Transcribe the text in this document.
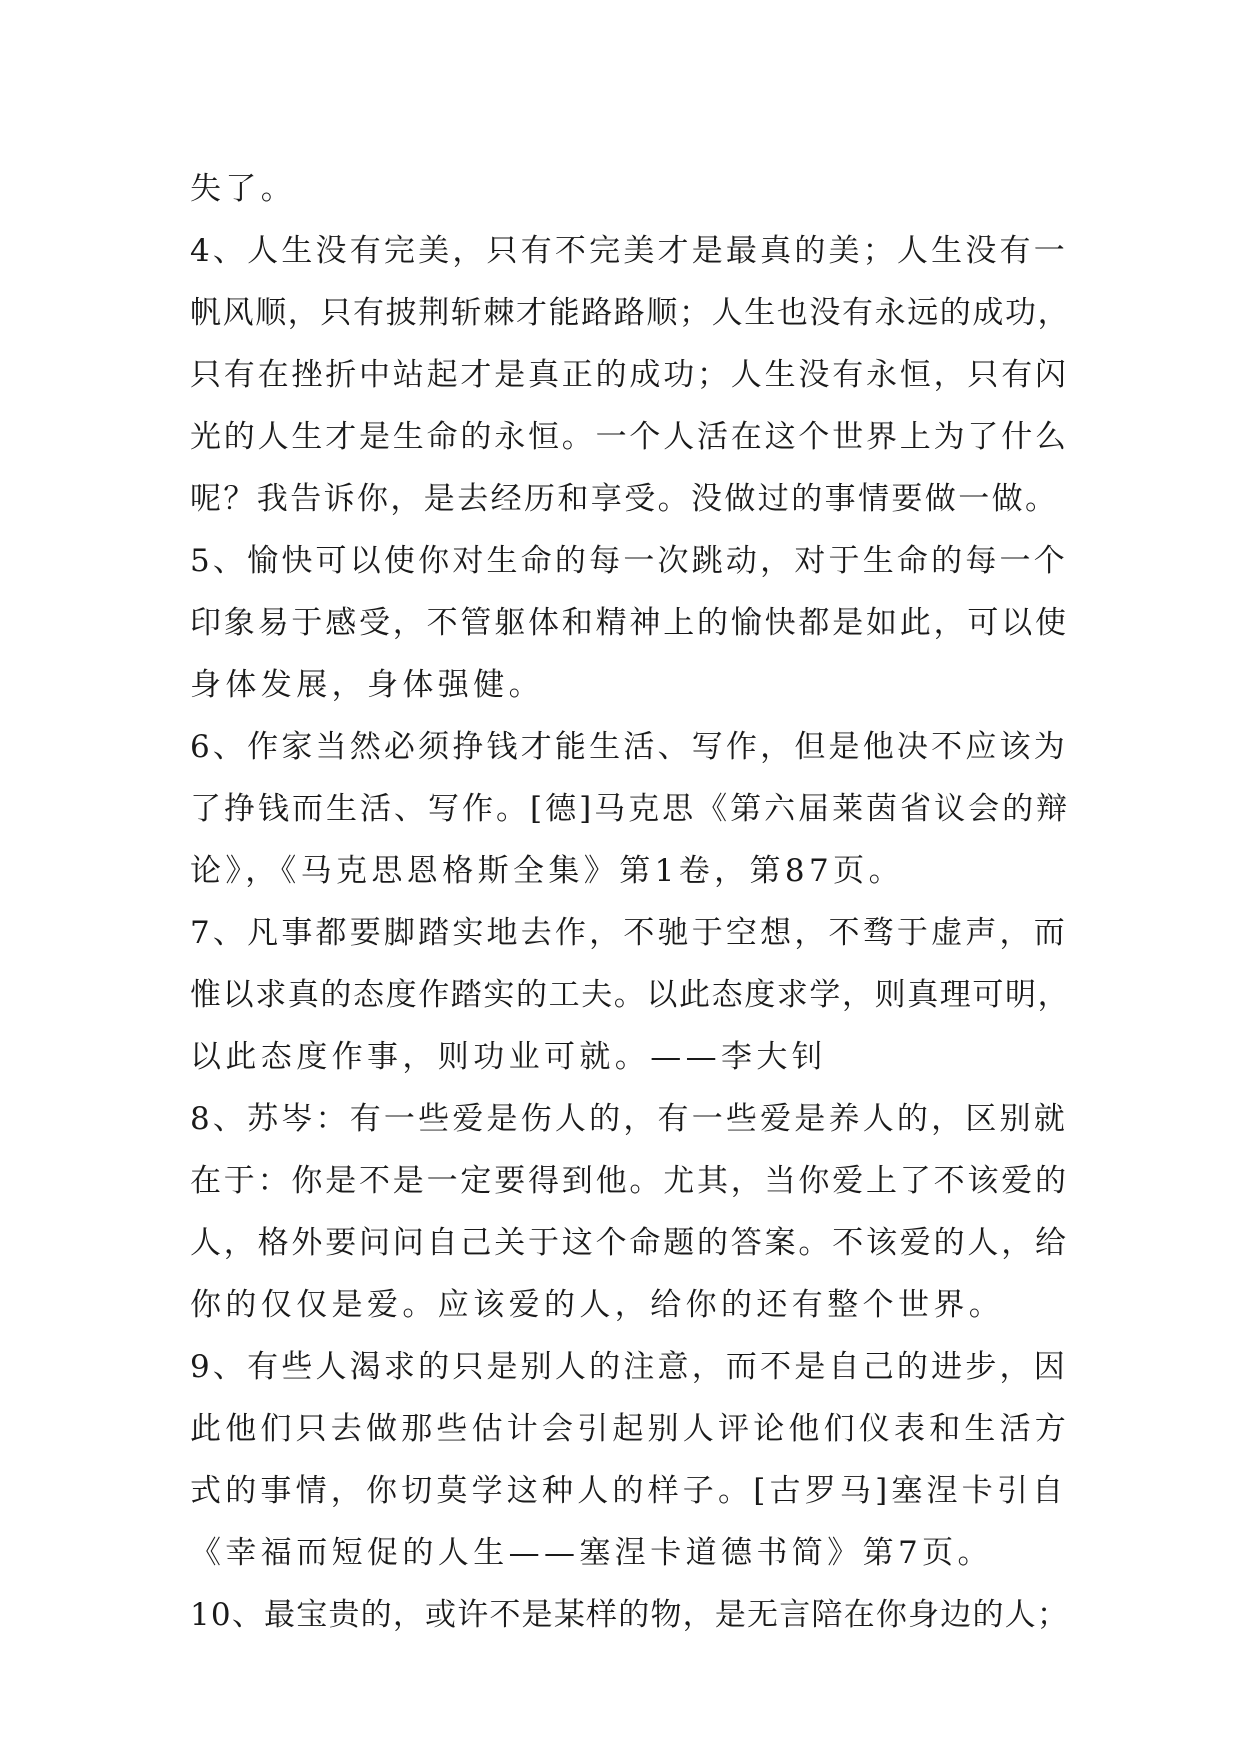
失了。
4、人生没有完美，只有不完美才是最真的美；人生没有一
帆风顺，只有披荆斩棘才能路路顺；人生也没有永远的成功，
只有在挫折中站起才是真正的成功；人生没有永恒，只有闪
光的人生才是生命的永恒。一个人活在这个世界上为了什么
呢？我告诉你，是去经历和享受。没做过的事情要做一做。
5、愉快可以使你对生命的每一次跳动，对于生命的每一个
印象易于感受，不管躯体和精神上的愉快都是如此，可以使
身体发展，身体强健。
6、作家当然必须挣钱才能生活、写作，但是他决不应该为
了挣钱而生活、写作。[德]马克思《第六届莱茵省议会的辩
论》，《马克思恩格斯全集》第1卷，第87页。
7、凡事都要脚踏实地去作，不驰于空想，不骛于虚声，而
惟以求真的态度作踏实的工夫。以此态度求学，则真理可明，
以此态度作事，则功业可就。——李大钊
8、苏岑：有一些爱是伤人的，有一些爱是养人的，区别就
在于：你是不是一定要得到他。尤其，当你爱上了不该爱的
人，格外要问问自己关于这个命题的答案。不该爱的人，给
你的仅仅是爱。应该爱的人，给你的还有整个世界。
9、有些人渴求的只是别人的注意，而不是自己的进步，因
此他们只去做那些估计会引起别人评论他们仪表和生活方
式的事情，你切莫学这种人的样子。[古罗马]塞涅卡引自
《幸福而短促的人生——塞涅卡道德书简》第7页。
10、最宝贵的，或许不是某样的物，是无言陪在你身边的人；
